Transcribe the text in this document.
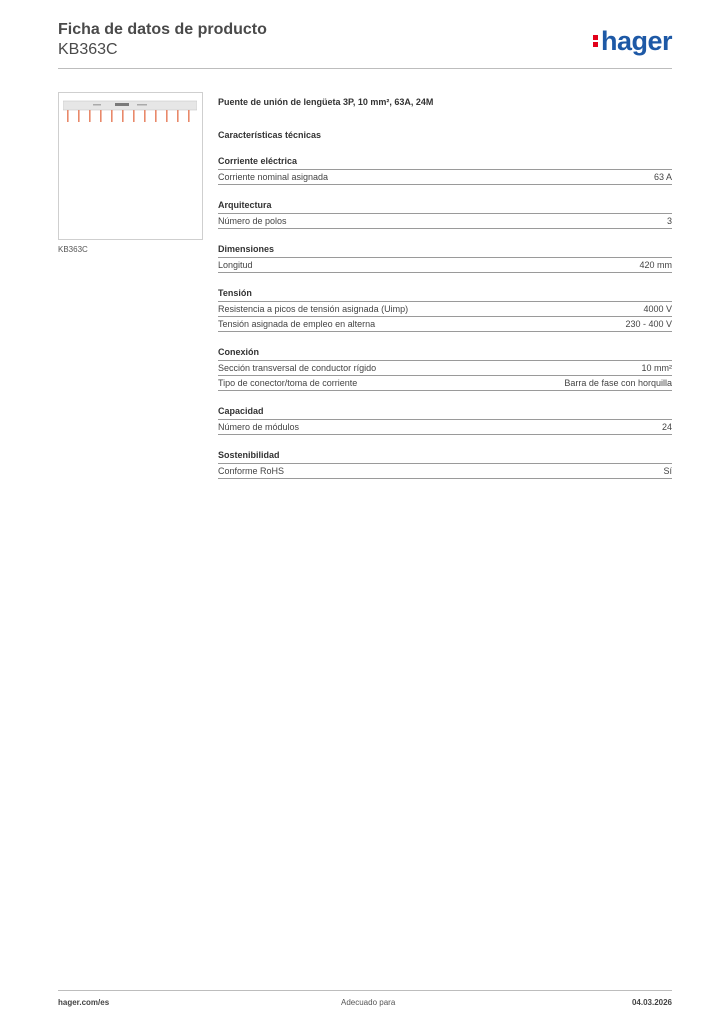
Ficha de datos de producto
KB363C	hager
KB363C
Puente de unión de lengüeta 3P, 10 mm², 63A, 24M
Características técnicas
Corriente eléctrica
Corriente nominal asignada	63 A
Arquitectura
Número de polos	3
Dimensiones
Longitud	420 mm
Tensión
Resistencia a picos de tensión asignada (Uimp)	4000 V
Tensión asignada de empleo en alterna	230 - 400 V
Conexión
Sección transversal de conductor rígido	10 mm²
Tipo de conector/toma de corriente	Barra de fase con horquilla
Capacidad
Número de módulos	24
Sostenibilidad
Conforme RoHS	Sí
hager.com/es	Adecuado para	04.03.2026
